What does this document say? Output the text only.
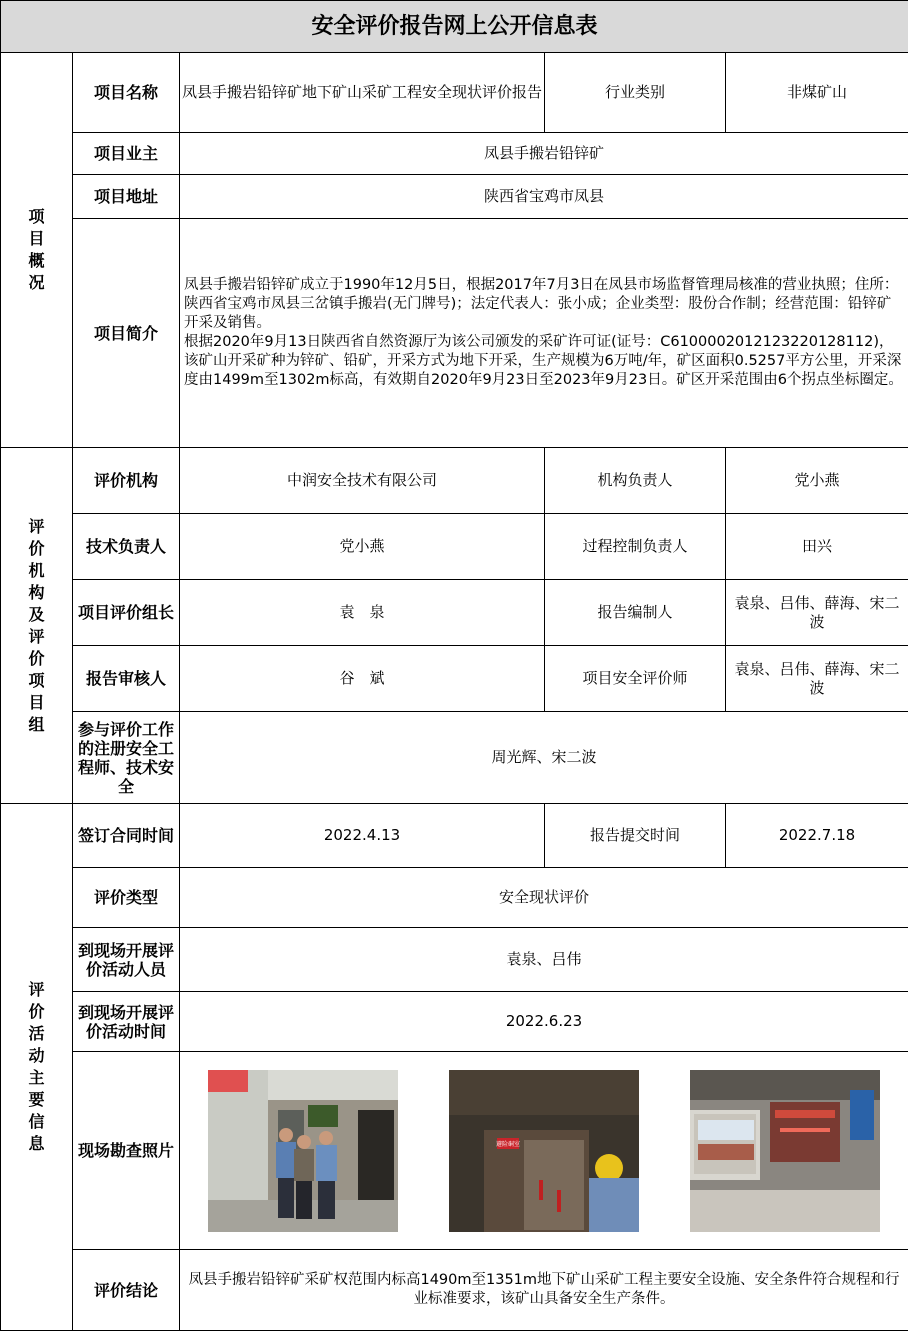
安全评价报告网上公开信息表				
项目概况	项目名称	凤县手搬岩铅锌矿地下矿山采矿工程安全现状评价报告	行业类别	非煤矿山
	项目业主	凤县手搬岩铅锌矿		
	项目地址	陕西省宝鸡市凤县		
	项目简介	凤县手搬岩铅锌矿成立于1990年12月5日，根据2017年7月3日在凤县市场监督管理局核准的营业执照；住所：陕西省宝鸡市凤县三岔镇手搬岩(无门牌号)；法定代表人：张小成；企业类型：股份合作制；经营范围：铅锌矿开采及销售。
根据2020年9月13日陕西省自然资源厅为该公司颁发的采矿许可证(证号：C6100002012123220128112)，该矿山开采矿种为锌矿、铅矿，开采方式为地下开采，生产规模为6万吨/年，矿区面积0.5257平方公里，开采深度由1499m至1302m标高，有效期自2020年9月23日至2023年9月23日。矿区开采范围由6个拐点坐标圈定。		

评价机构及评价项目组	评价机构	中润安全技术有限公司	机构负责人	党小燕
	技术负责人	党小燕	过程控制负责人	田兴
	项目评价组长	袁　泉	报告编制人	袁泉、吕伟、薛海、宋二波
	报告审核人	谷　斌	项目安全评价师	袁泉、吕伟、薛海、宋二波
	参与评价工作的注册安全工程师、技术安全	周光辉、宋二波		
评价活动主要信息	签订合同时间	2022.4.13	报告提交时间	2022.7.18
	评价类型	安全现状评价		
	到现场开展评价活动人员	袁泉、吕伟		
	到现场开展评价活动时间	2022.6.23		
	现场勘查照片	避险硐室		

	评价结论	凤县手搬岩铅锌矿采矿权范围内标高1490m至1351m地下矿山采矿工程主要安全设施、安全条件符合规程和行业标准要求，该矿山具备安全生产条件。		
